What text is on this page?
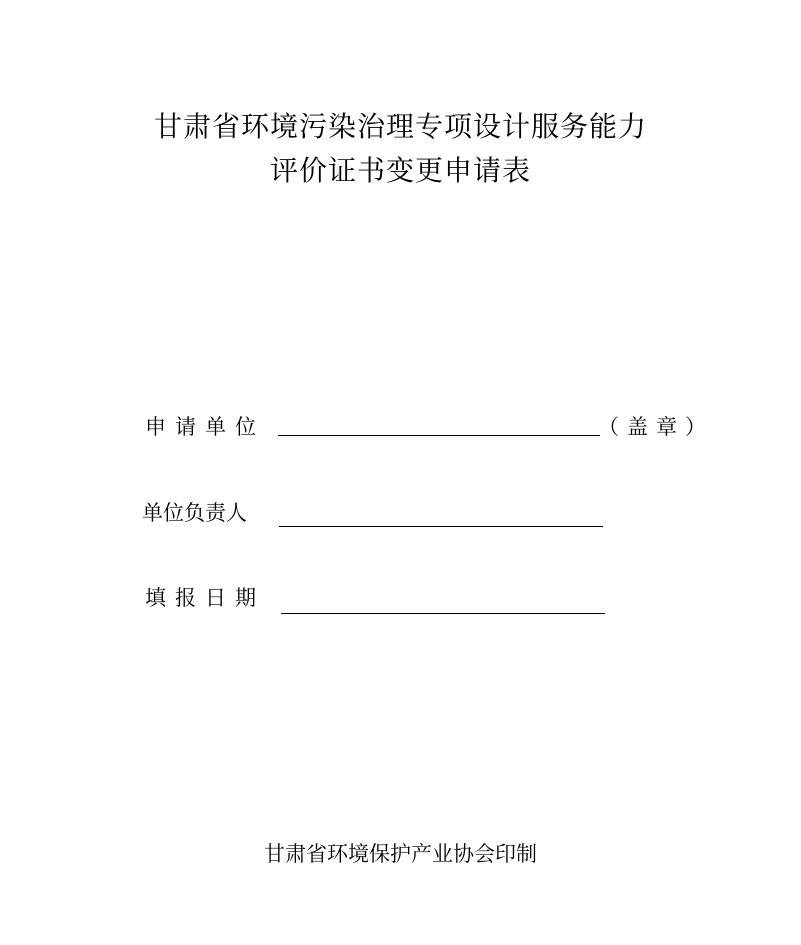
甘肃省环境污染治理专项设计服务能力
评价证书变更申请表
申请单位	（盖章）
单位负责人
填报日期
甘肃省环境保护产业协会印制
